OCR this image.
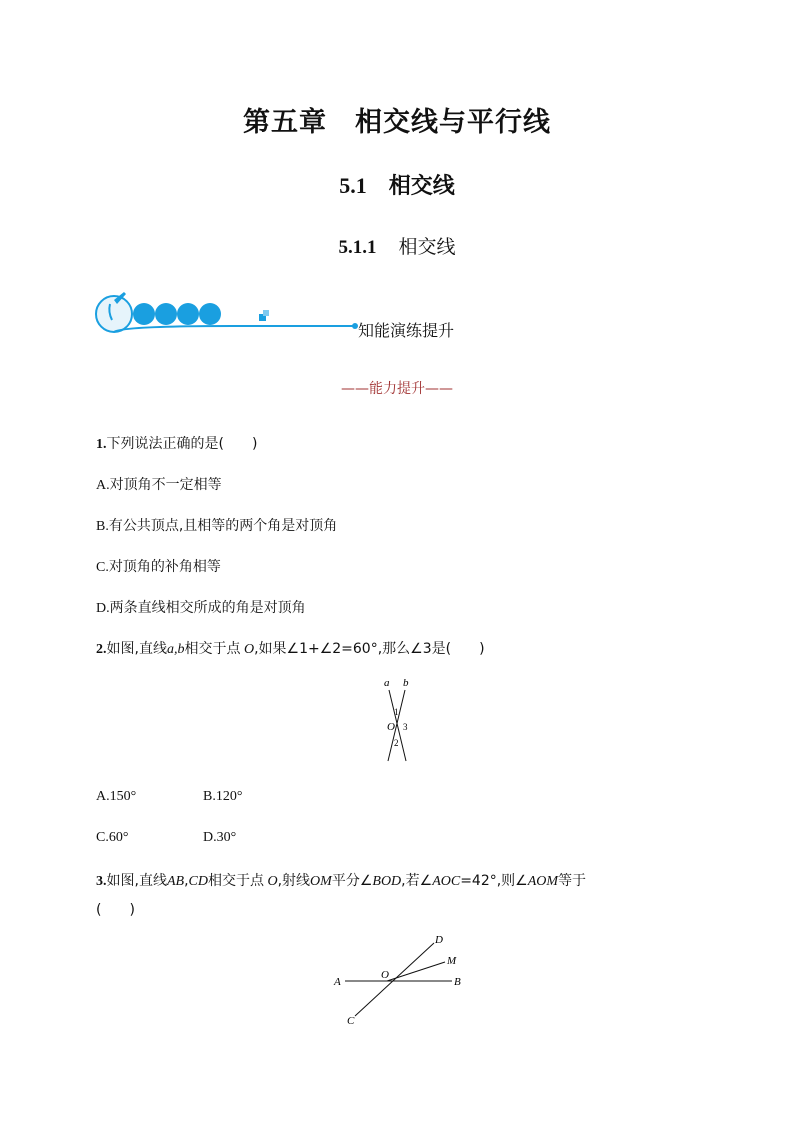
第五章 相交线与平行线
5.1 相交线
5.1.1 相交线
知能演练提升
——能力提升——
1.下列说法正确的是(　　)
A.对顶角不一定相等
B.有公共顶点,且相等的两个角是对顶角
C.对顶角的补角相等
D.两条直线相交所成的角是对顶角
2.如图,直线a,b相交于点 O,如果∠1+∠2=60°,那么∠3是(　　)
a b
O
1
2
3
A.150°	B.120°
C.60°	D.30°
3.如图,直线AB,CD相交于点 O,射线OM平分∠BOD,若∠AOC=42°,则∠AOM等于
(　　)
A	B
C
D
M
O
